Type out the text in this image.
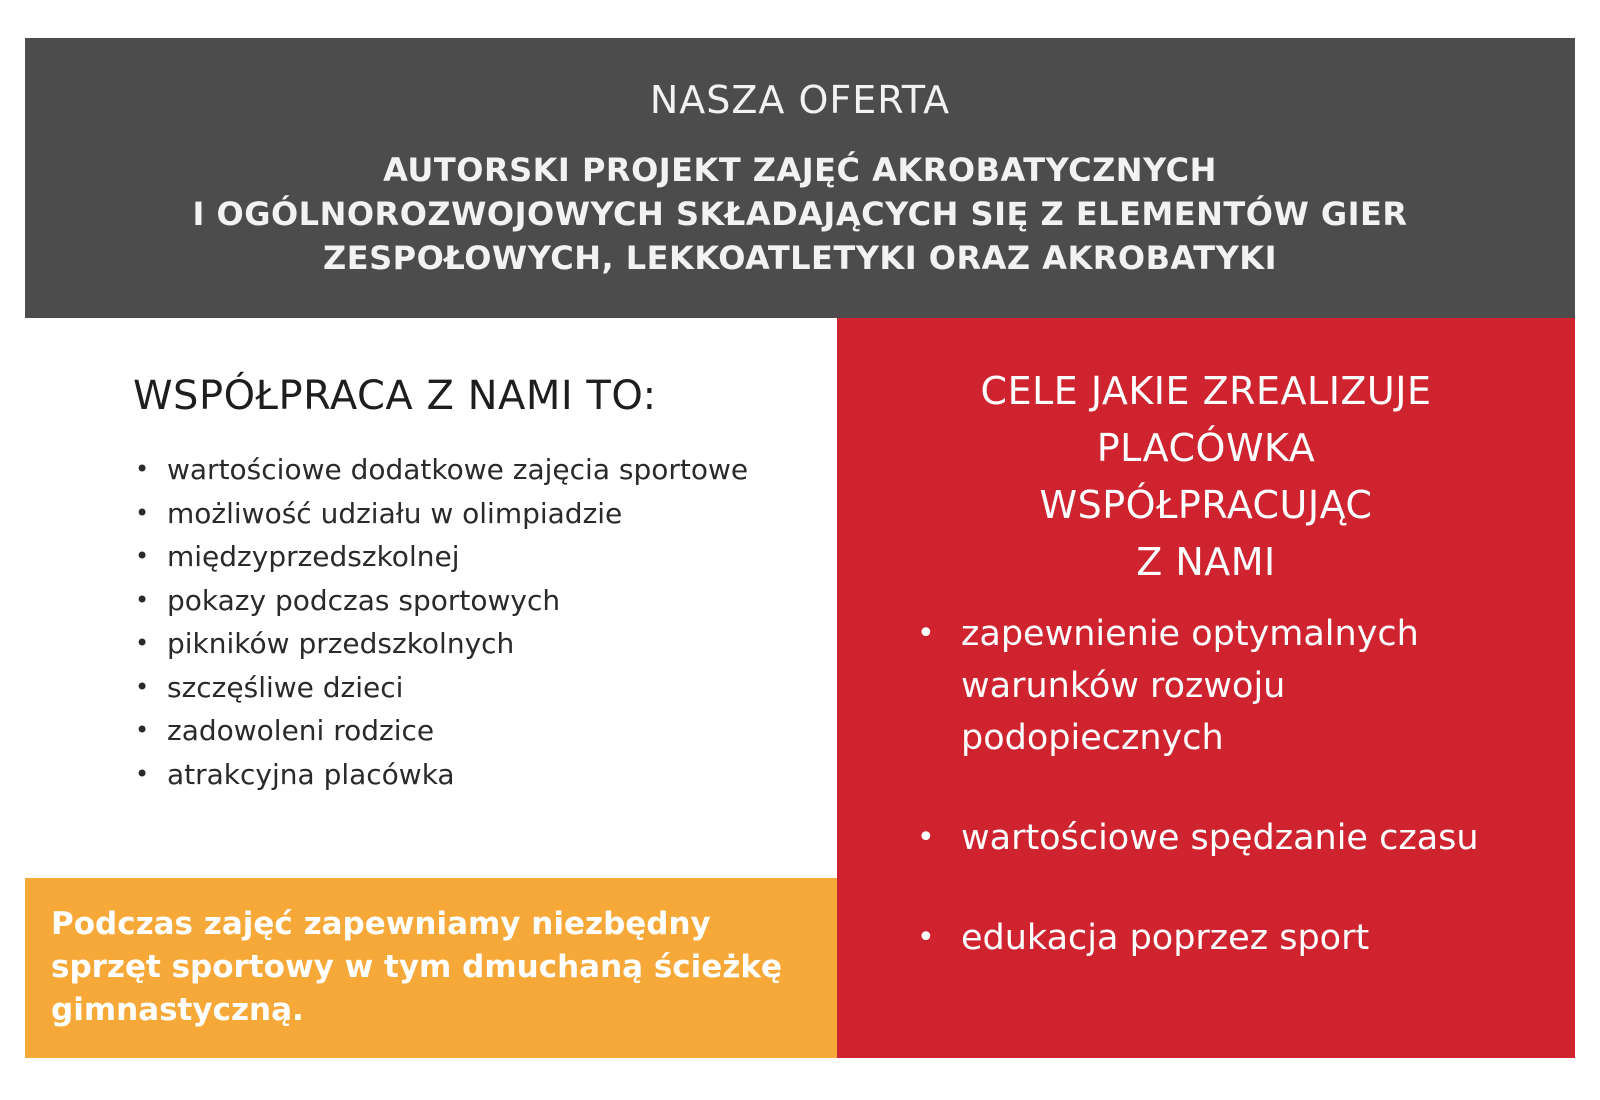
NASZA OFERTA
AUTORSKI PROJEKT ZAJĘĆ AKROBATYCZNYCH
I OGÓLNOROZWOJOWYCH SKŁADAJĄCYCH SIĘ Z ELEMENTÓW GIER
ZESPOŁOWYCH, LEKKOATLETYKI ORAZ AKROBATYKI
WSPÓŁPRACA Z NAMI TO:
• wartościowe dodatkowe zajęcia sportowe
• możliwość udziału w olimpiadzie
• międzyprzedszkolnej
• pokazy podczas sportowych
• pikników przedszkolnych
• szczęśliwe dzieci
• zadowoleni rodzice
• atrakcyjna placówka
Podczas zajęć zapewniamy niezbędny sprzęt sportowy w tym dmuchaną ścieżkę gimnastyczną.
CELE JAKIE ZREALIZUJE
PLACÓWKA
WSPÓŁPRACUJĄC
Z NAMI
• zapewnienie optymalnych warunków rozwoju podopiecznych
• wartościowe spędzanie czasu
• edukacja poprzez sport
